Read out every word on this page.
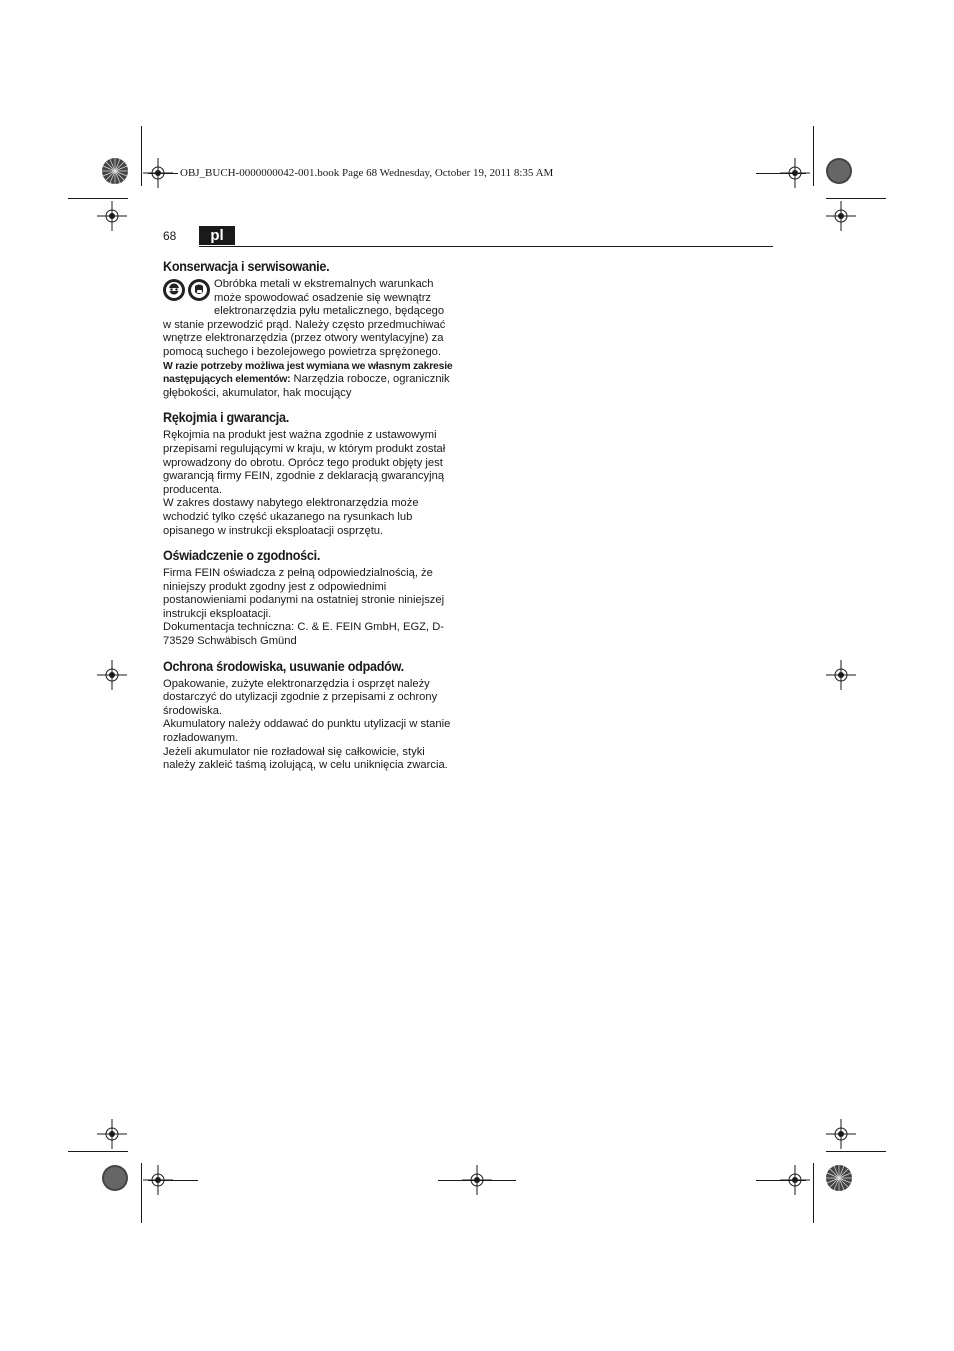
OBJ_BUCH-0000000042-001.book Page 68 Wednesday, October 19, 2011 8:35 AM
68	pl
Konserwacja i serwisowanie.

Obróbka metali w ekstremalnych warunkach

może spowodować osadzenie się wewnątrz

elektronarzędzia pyłu metalicznego, będącego

w stanie przewodzić prąd. Należy często przedmuchiwać wnętrze elektronarzędzia (przez otwory wentylacyjne) za pomocą suchego i bezolejowego powietrza sprężonego.

W razie potrzeby możliwa jest wymiana we własnym zakresie następujących elementów: Narzędzia robocze, ogranicznik głębokości, akumulator, hak mocujący

Rękojmia i gwarancja.

Rękojmia na produkt jest ważna zgodnie z ustawowymi przepisami regulującymi w kraju, w którym produkt został wprowadzony do obrotu. Oprócz tego produkt objęty jest gwarancją firmy FEIN, zgodnie z deklaracją gwarancyjną producenta.

W zakres dostawy nabytego elektronarzędzia może wchodzić tylko część ukazanego na rysunkach lub opisanego w instrukcji eksploatacji osprzętu.

Oświadczenie o zgodności.

Firma FEIN oświadcza z pełną odpowiedzialnością, że niniejszy produkt zgodny jest z odpowiednimi postanowieniami podanymi na ostatniej stronie niniejszej instrukcji eksploatacji.

Dokumentacja techniczna: C. & E. FEIN GmbH, EGZ, D-73529 Schwäbisch Gmünd

Ochrona środowiska, usuwanie odpadów.

Opakowanie, zużyte elektronarzędzia i osprzęt należy dostarczyć do utylizacji zgodnie z przepisami z ochrony środowiska.

Akumulatory należy oddawać do punktu utylizacji w stanie rozładowanym.

Jeżeli akumulator nie rozładował się całkowicie, styki należy zakleić taśmą izolującą, w celu uniknięcia zwarcia.
